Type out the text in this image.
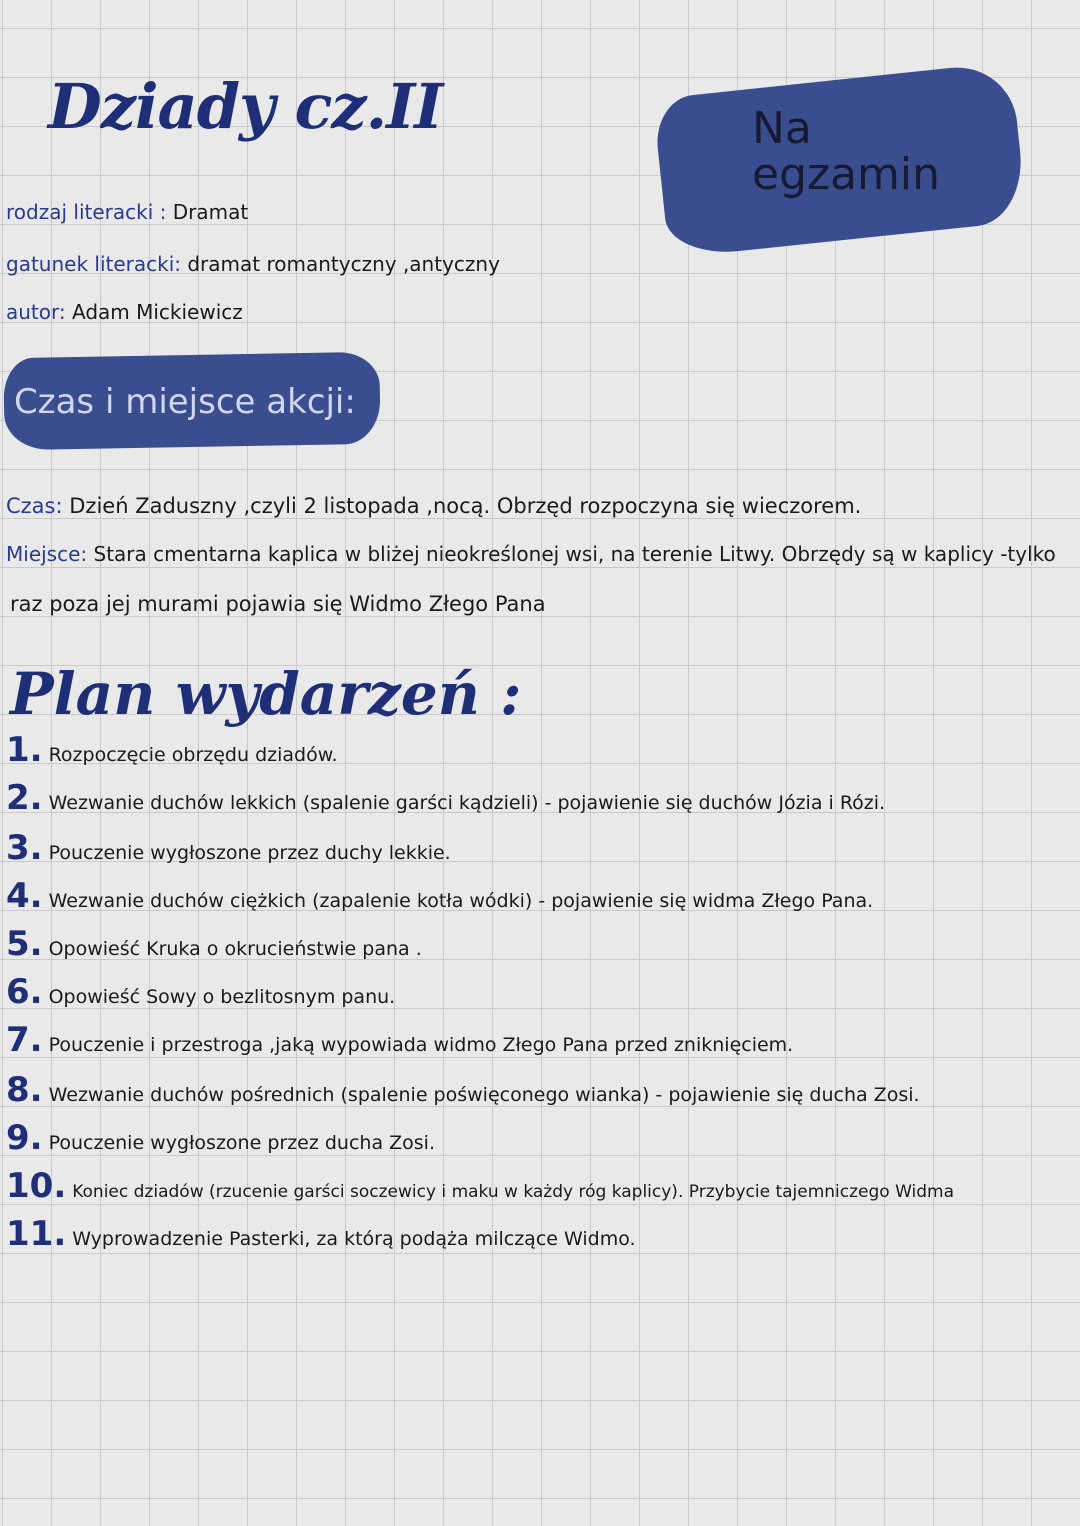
Dziady cz.II	Na
egzamin
rodzaj literacki : Dramat
gatunek literacki: dramat romantyczny ,antyczny
autor: Adam Mickiewicz
Czas i miejsce akcji:
Czas: Dzień Zaduszny ,czyli 2 listopada ,nocą. Obrzęd rozpoczyna się wieczorem.
Miejsce: Stara cmentarna kaplica w bliżej nieokreślonej wsi, na terenie Litwy. Obrzędy są w kaplicy -tylko
raz poza jej murami pojawia się Widmo Złego Pana
Plan wydarzeń :
1. Rozpoczęcie obrzędu dziadów.
2. Wezwanie duchów lekkich (spalenie garści kądzieli) - pojawienie się duchów Józia i Rózi.
3. Pouczenie wygłoszone przez duchy lekkie.
4. Wezwanie duchów ciężkich (zapalenie kotła wódki) - pojawienie się widma Złego Pana.
5. Opowieść Kruka o okrucieństwie pana .
6. Opowieść Sowy o bezlitosnym panu.
7. Pouczenie i przestroga ,jaką wypowiada widmo Złego Pana przed zniknięciem.
8. Wezwanie duchów pośrednich (spalenie poświęconego wianka) - pojawienie się ducha Zosi.
9. Pouczenie wygłoszone przez ducha Zosi.
10. Koniec dziadów (rzucenie garści soczewicy i maku w każdy róg kaplicy). Przybycie tajemniczego Widma
11. Wyprowadzenie Pasterki, za którą podąża milczące Widmo.
